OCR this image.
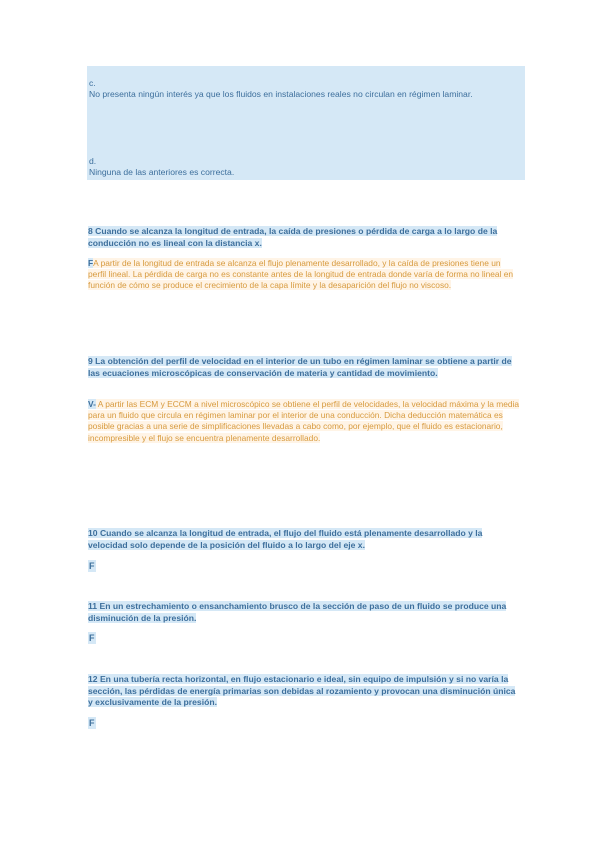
c.

No presenta ningún interés ya que los fluidos en instalaciones reales no circulan en régimen laminar.

d.

Ninguna de las anteriores es correcta.

8 Cuando se alcanza la longitud de entrada, la caída de presiones o pérdida de carga a lo largo de la conducción no es lineal con la distancia x.

FA partir de la longitud de entrada se alcanza el flujo plenamente desarrollado, y la caída de presiones tiene un perfil lineal. La pérdida de carga no es constante antes de la longitud de entrada donde varía de forma no lineal en función de cómo se produce el crecimiento de la capa límite y la desaparición del flujo no viscoso.

9 La obtención del perfil de velocidad en el interior de un tubo en régimen laminar se obtiene a partir de las ecuaciones microscópicas de conservación de materia y cantidad de movimiento.

V- A partir las ECM y ECCM a nivel microscópico se obtiene el perfil de velocidades, la velocidad máxima y la media para un fluido que circula en régimen laminar por el interior de una conducción. Dicha deducción matemática es posible gracias a una serie de simplificaciones llevadas a cabo como, por ejemplo, que el fluido es estacionario, incompresible y el flujo se encuentra plenamente desarrollado.

10 Cuando se alcanza la longitud de entrada, el flujo del fluido está plenamente desarrollado y la velocidad solo depende de la posición del fluido a lo largo del eje x.

F

11 En un estrechamiento o ensanchamiento brusco de la sección de paso de un fluido se produce una disminución de la presión.

F

12 En una tubería recta horizontal, en flujo estacionario e ideal, sin equipo de impulsión y si no varía la sección, las pérdidas de energía primarias son debidas al rozamiento y provocan una disminución única y exclusivamente de la presión.

F
